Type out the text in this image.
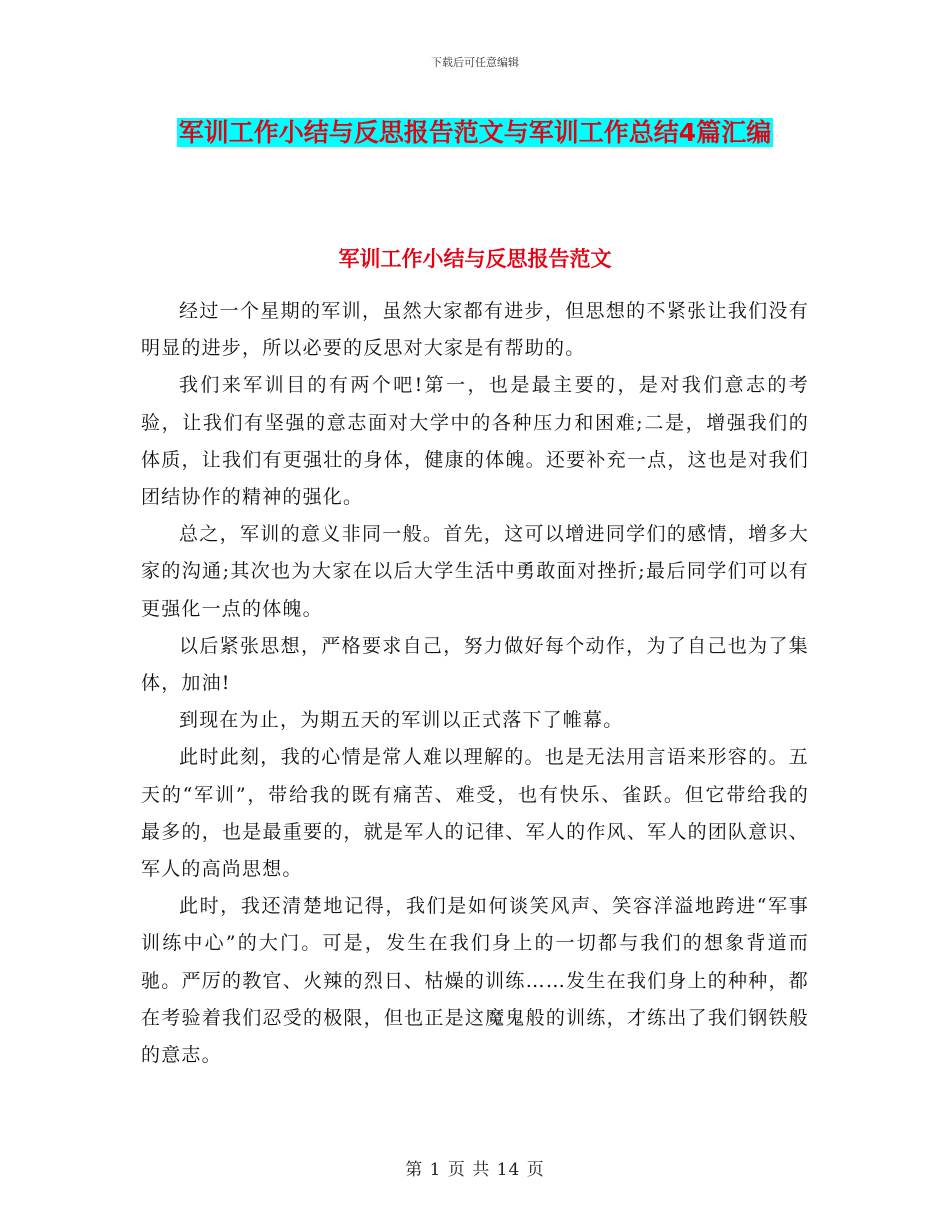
下载后可任意编辑
军训工作小结与反思报告范文与军训工作总结4篇汇编
军训工作小结与反思报告范文

经过一个星期的军训，虽然大家都有进步，但思想的不紧张让我们没有明显的进步，所以必要的反思对大家是有帮助的。

我们来军训目的有两个吧!第一，也是最主要的，是对我们意志的考验，让我们有坚强的意志面对大学中的各种压力和困难;二是，增强我们的体质，让我们有更强壮的身体，健康的体魄。还要补充一点，这也是对我们团结协作的精神的强化。

总之，军训的意义非同一般。首先，这可以增进同学们的感情，增多大家的沟通;其次也为大家在以后大学生活中勇敢面对挫折;最后同学们可以有更强化一点的体魄。

以后紧张思想，严格要求自己，努力做好每个动作，为了自己也为了集体，加油!

到现在为止，为期五天的军训以正式落下了帷幕。

此时此刻，我的心情是常人难以理解的。也是无法用言语来形容的。五天的“军训”，带给我的既有痛苦、难受，也有快乐、雀跃。但它带给我的最多的，也是最重要的，就是军人的记律、军人的作风、军人的团队意识、军人的高尚思想。

此时，我还清楚地记得，我们是如何谈笑风声、笑容洋溢地跨进“军事训练中心”的大门。可是，发生在我们身上的一切都与我们的想象背道而驰。严厉的教官、火辣的烈日、枯燥的训练……发生在我们身上的种种，都在考验着我们忍受的极限，但也正是这魔鬼般的训练，才练出了我们钢铁般的意志。

第 1 页 共 14 页
